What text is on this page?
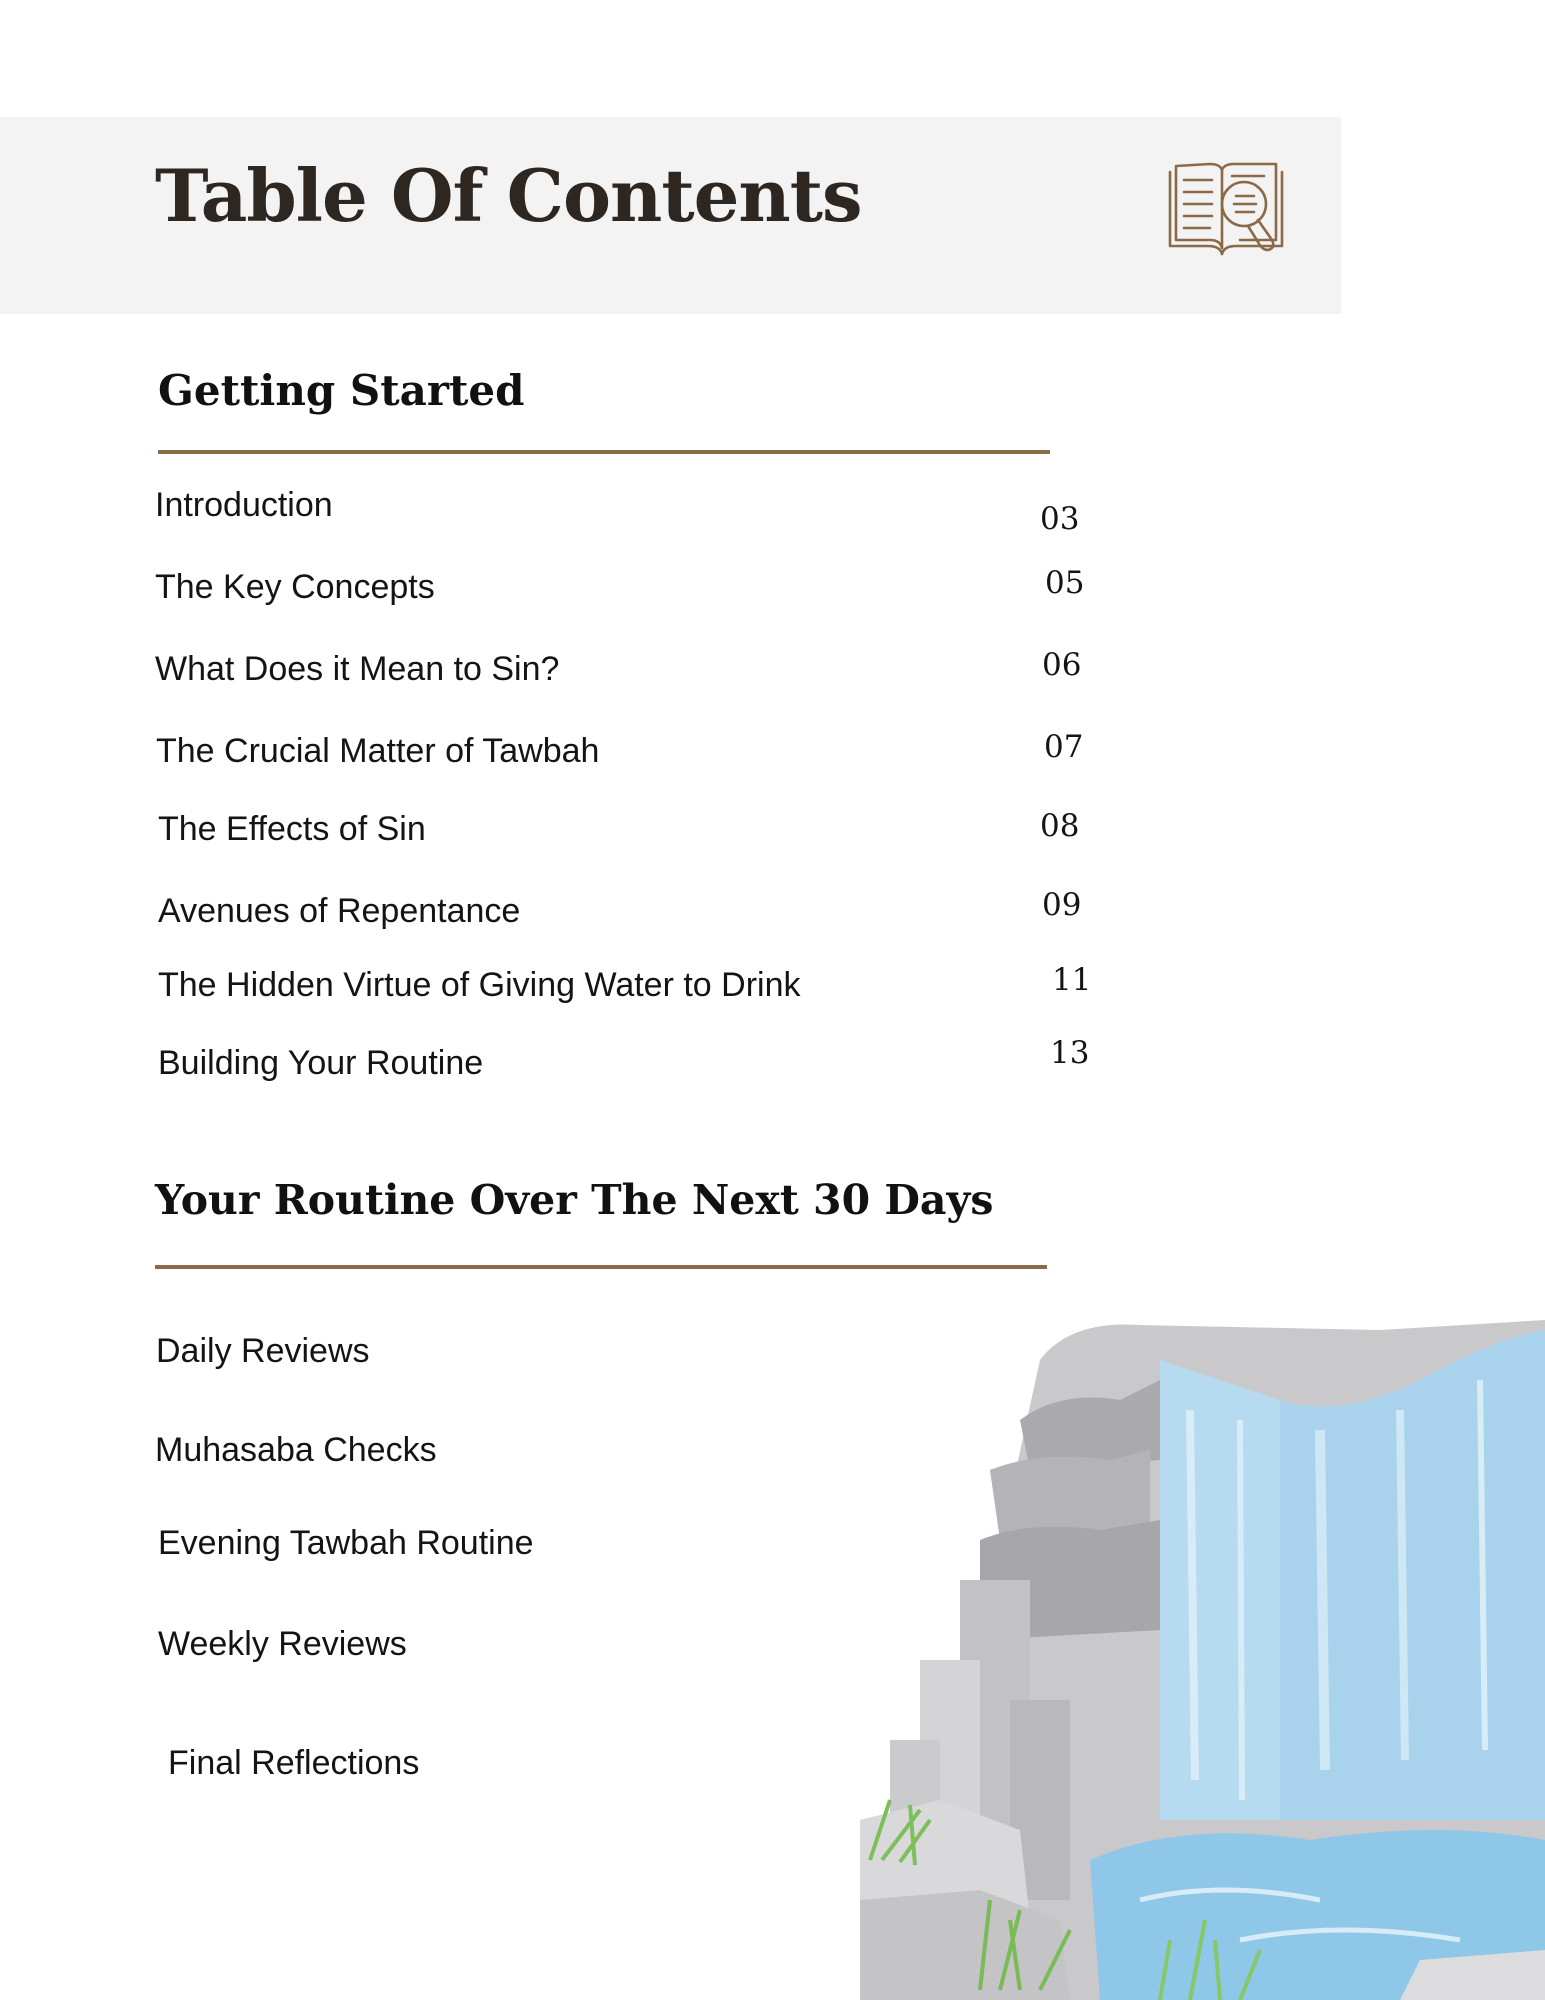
Table Of Contents
Getting Started
Introduction	03
The Key Concepts	05
What Does it Mean to Sin?	06
The Crucial Matter of Tawbah	07
The Effects of Sin	08
Avenues of Repentance	09
The Hidden Virtue of Giving Water to Drink	11
Building Your Routine	13
Your Routine Over The Next 30 Days
Daily Reviews
Muhasaba Checks
Evening Tawbah Routine
Weekly Reviews
Final Reflections
